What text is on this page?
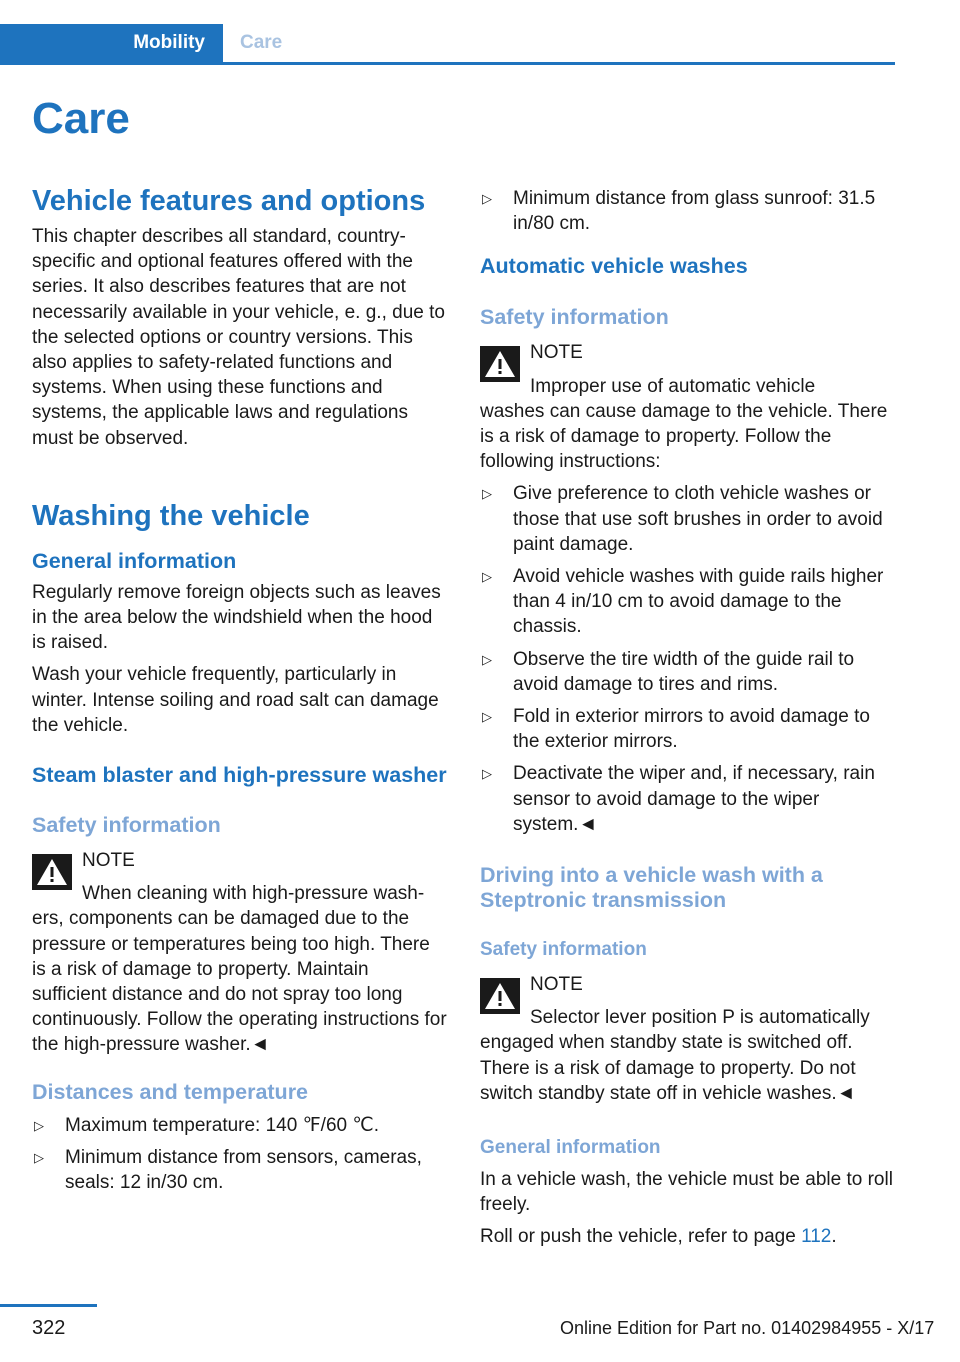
Mobility	Care
Care
Vehicle features and options

This chapter describes all standard, country-specific and optional features offered with the series. It also describes features that are not necessarily available in your vehicle, e. g., due to the selected options or country versions. This also applies to safety-related functions and systems. When using these functions and systems, the applicable laws and regulations must be observed.

Washing the vehicle
General information

Regularly remove foreign objects such as leaves in the area below the windshield when the hood is raised.

Wash your vehicle frequently, particularly in winter. Intense soiling and road salt can damage the vehicle.

Steam blaster and high-pressure washer
Safety information
NOTE
When cleaning with high-pressure wash-

ers, components can be damaged due to the pressure or temperatures being too high. There is a risk of damage to property. Maintain sufficient distance and do not spray too long continuously. Follow the operating instructions for the high-pressure washer.◄

Distances and temperature
▷ Maximum temperature: 140 ℉/60 ℃.
▷ Minimum distance from sensors, cameras, seals: 12 in/30 cm.
▷ Minimum distance from glass sunroof: 31.5 in/80 cm.
Automatic vehicle washes
Safety information
NOTE
Improper use of automatic vehicle

washes can cause damage to the vehicle. There is a risk of damage to property. Follow the following instructions:

▷ Give preference to cloth vehicle washes or those that use soft brushes in order to avoid paint damage.
▷ Avoid vehicle washes with guide rails higher than 4 in/10 cm to avoid damage to the chassis.
▷ Observe the tire width of the guide rail to avoid damage to tires and rims.
▷ Fold in exterior mirrors to avoid damage to the exterior mirrors.
▷ Deactivate the wiper and, if necessary, rain sensor to avoid damage to the wiper system.◄
Driving into a vehicle wash with a Steptronic transmission
Safety information
NOTE
Selector lever position P is automatically

engaged when standby state is switched off. There is a risk of damage to property. Do not switch standby state off in vehicle washes.◄

General information

In a vehicle wash, the vehicle must be able to roll freely.

Roll or push the vehicle, refer to page 112.

322	Online Edition for Part no. 01402984955 - X/17
